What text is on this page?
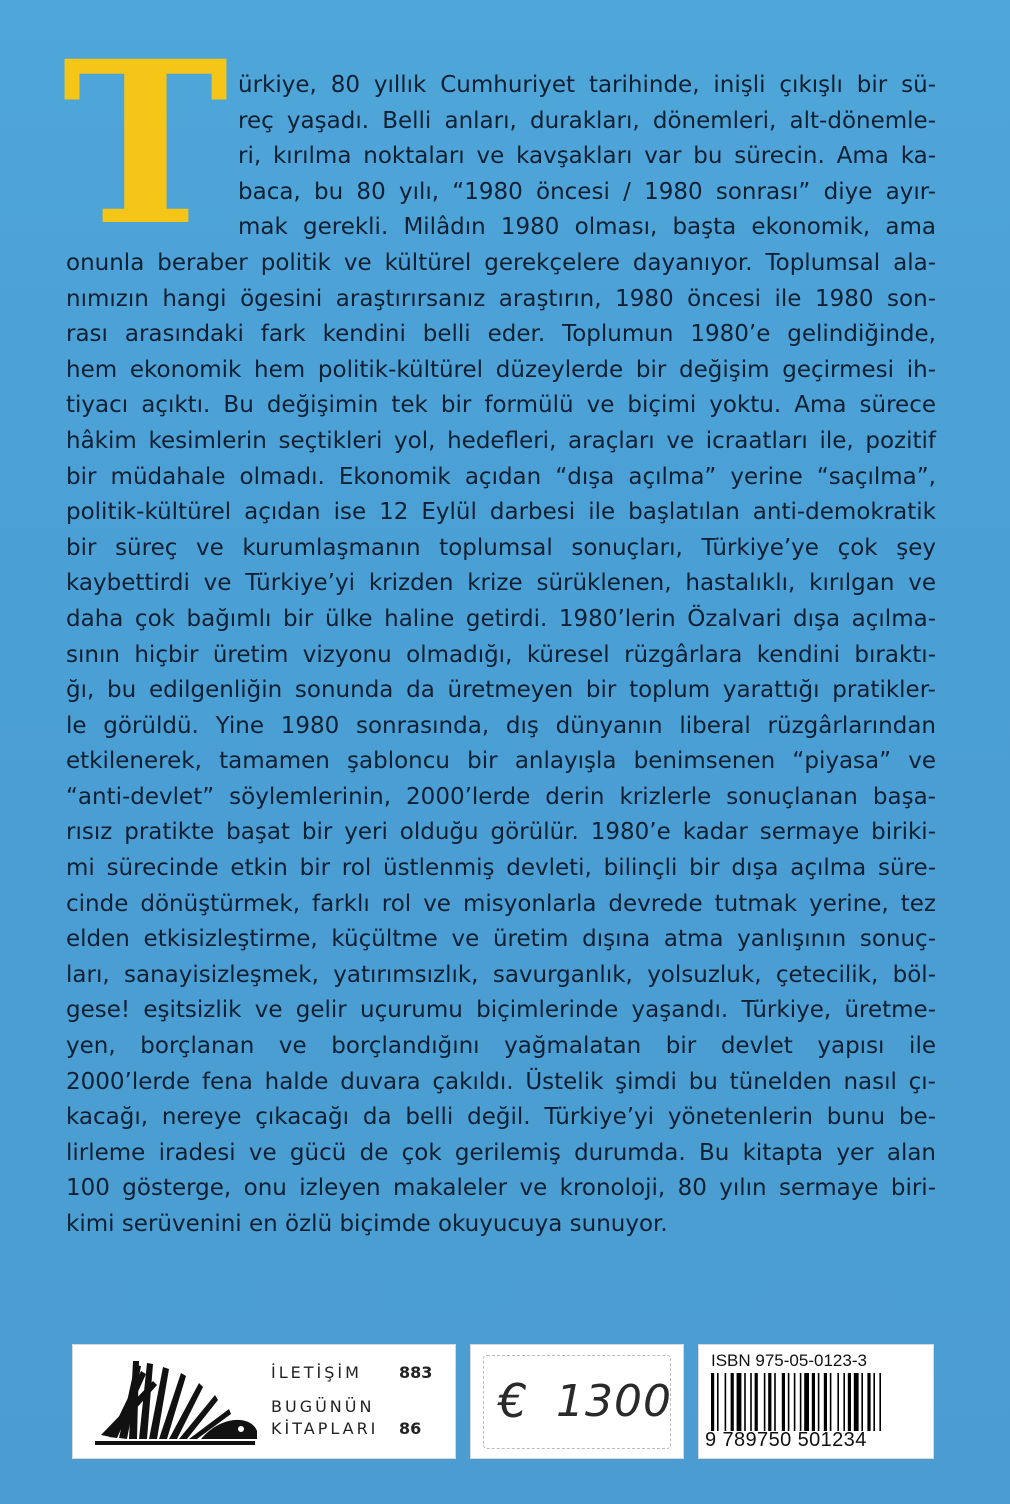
T ürkiye, 80 yıllık Cumhuriyet tarihinde, inişli çıkışlı bir sü-
reç yaşadı. Belli anları, durakları, dönemleri, alt-dönemle-
ri, kırılma noktaları ve kavşakları var bu sürecin. Ama ka-
baca, bu 80 yılı, “1980 öncesi / 1980 sonrası” diye ayır-
mak gerekli. Milâdın 1980 olması, başta ekonomik, ama
onunla beraber politik ve kültürel gerekçelere dayanıyor. Toplumsal ala-
nımızın hangi ögesini araştırırsanız araştırın, 1980 öncesi ile 1980 son-
rası arasındaki fark kendini belli eder. Toplumun 1980’e gelindiğinde,
hem ekonomik hem politik-kültürel düzeylerde bir değişim geçirmesi ih-
tiyacı açıktı. Bu değişimin tek bir formülü ve biçimi yoktu. Ama sürece
hâkim kesimlerin seçtikleri yol, hedefleri, araçları ve icraatları ile, pozitif
bir müdahale olmadı. Ekonomik açıdan “dışa açılma” yerine “saçılma”,
politik-kültürel açıdan ise 12 Eylül darbesi ile başlatılan anti-demokratik
bir süreç ve kurumlaşmanın toplumsal sonuçları, Türkiye’ye çok şey
kaybettirdi ve Türkiye’yi krizden krize sürüklenen, hastalıklı, kırılgan ve
daha çok bağımlı bir ülke haline getirdi. 1980’lerin Özalvari dışa açılma-
sının hiçbir üretim vizyonu olmadığı, küresel rüzgârlara kendini bıraktı-
ğı, bu edilgenliğin sonunda da üretmeyen bir toplum yarattığı pratikler-
le görüldü. Yine 1980 sonrasında, dış dünyanın liberal rüzgârlarından
etkilenerek, tamamen şabloncu bir anlayışla benimsenen “piyasa” ve
“anti-devlet” söylemlerinin, 2000’lerde derin krizlerle sonuçlanan başa-
rısız pratikte başat bir yeri olduğu görülür. 1980’e kadar sermaye biriki-
mi sürecinde etkin bir rol üstlenmiş devleti, bilinçli bir dışa açılma süre-
cinde dönüştürmek, farklı rol ve misyonlarla devrede tutmak yerine, tez
elden etkisizleştirme, küçültme ve üretim dışına atma yanlışının sonuç-
ları, sanayisizleşmek, yatırımsızlık, savurganlık, yolsuzluk, çetecilik, böl-
gese! eşitsizlik ve gelir uçurumu biçimlerinde yaşandı. Türkiye, üretme-
yen, borçlanan ve borçlandığını yağmalatan bir devlet yapısı ile
2000’lerde fena halde duvara çakıldı. Üstelik şimdi bu tünelden nasıl çı-
kacağı, nereye çıkacağı da belli değil. Türkiye’yi yönetenlerin bunu be-
lirleme iradesi ve gücü de çok gerilemiş durumda. Bu kitapta yer alan
100 gösterge, onu izleyen makaleler ve kronoloji, 80 yılın sermaye biri-
kimi serüvenini en özlü biçimde okuyucuya sunuyor.
İLETİŞİM 883
BUGÜNÜN
KİTAPLARI 86
€ 1300
ISBN 975-05-0123-3
9 789750 501234
